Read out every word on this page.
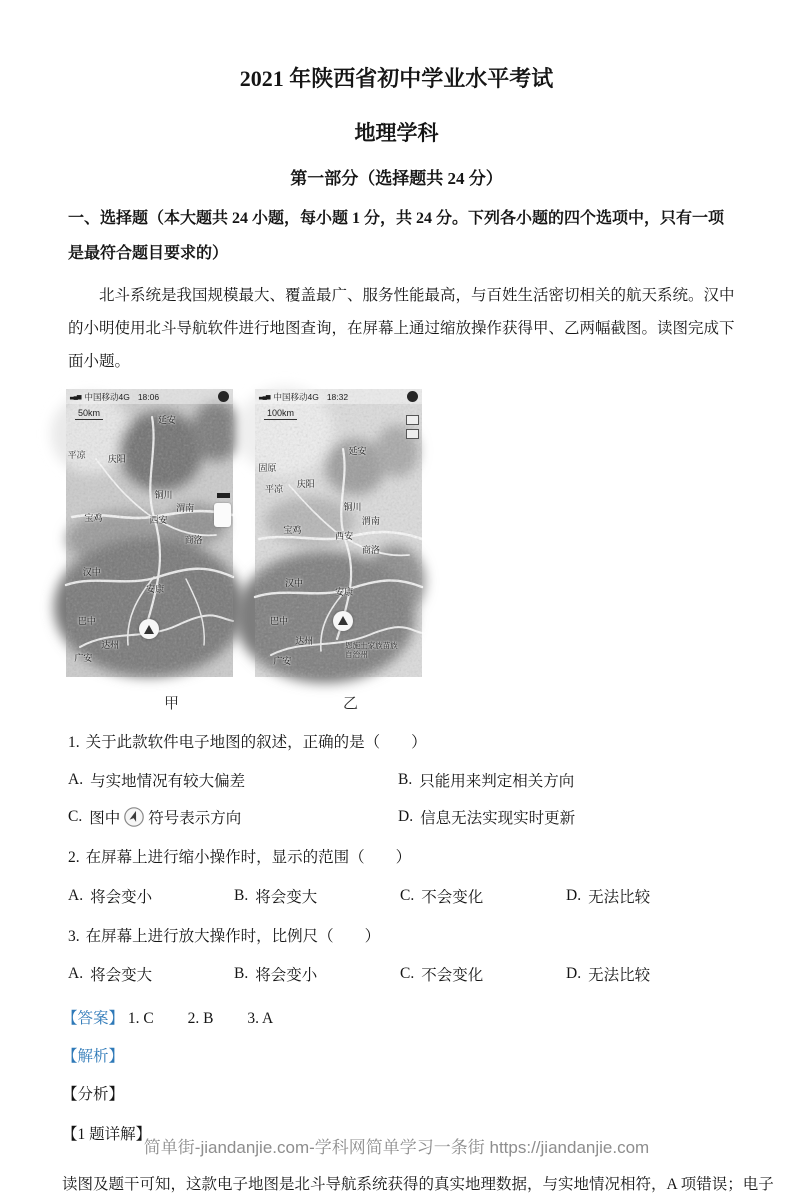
2021 年陕西省初中学业水平考试
地理学科
第一部分（选择题共 24 分）

一、选择题（本大题共 24 小题，每小题 1 分，共 24 分。下列各小题的四个选项中，只有一项是最符合题目要求的）

北斗系统是我国规模最大、覆盖最广、服务性能最高，与百姓生活密切相关的航天系统。汉中的小明使用北斗导航软件进行地图查询，在屏幕上通过缩放操作获得甲、乙两幅截图。读图完成下面小题。

▃▄▅ 中国移动4G 18:06
50km
延安
庆阳
平凉
铜川
渭南
西安
宝鸡
商洛
汉中
安康
巴中
达州
广安
甲
▃▄▅ 中国移动4G 18:32
100km
延安
固原
庆阳
平凉
铜川
渭南
宝鸡
西安
商洛
汉中
安康
巴中
达州
广安
恩施土家族苗族自治州
乙

1. 关于此款软件电子地图的叙述，正确的是（　　）

A. 与实地情况有较大偏差	B. 只能用来判定相关方向
C. 图中 符号表示方向	D. 信息无法实现实时更新

2. 在屏幕上进行缩小操作时，显示的范围（　　）

A. 将会变小	B. 将会变大	C. 不会变化	D. 无法比较

3. 在屏幕上进行放大操作时，比例尺（　　）

A. 将会变大	B. 将会变小	C. 不会变化	D. 无法比较

【答案】 1. C 2. B 3. A

【解析】

【分析】

【1 题详解】

读图及题干可知，这款电子地图是北斗导航系统获得的真实地理数据，与实地情况相符，A 项错误；电子

简单街-jiandanjie.com-学科网简单学习一条街 https://jiandanjie.com
